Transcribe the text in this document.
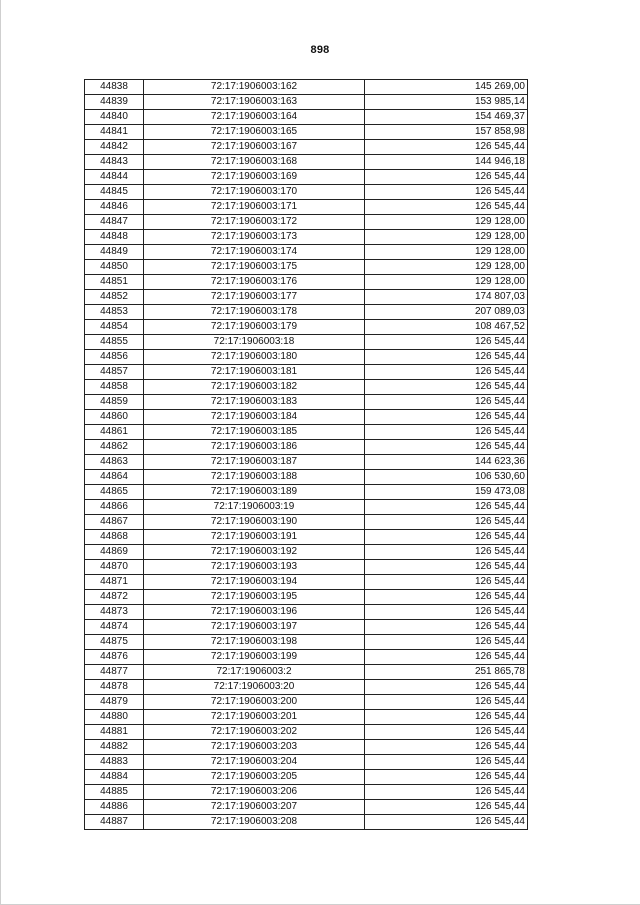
898
44838	72:17:1906003:162	145 269,00
44839	72:17:1906003:163	153 985,14
44840	72:17:1906003:164	154 469,37
44841	72:17:1906003:165	157 858,98
44842	72:17:1906003:167	126 545,44
44843	72:17:1906003:168	144 946,18
44844	72:17:1906003:169	126 545,44
44845	72:17:1906003:170	126 545,44
44846	72:17:1906003:171	126 545,44
44847	72:17:1906003:172	129 128,00
44848	72:17:1906003:173	129 128,00
44849	72:17:1906003:174	129 128,00
44850	72:17:1906003:175	129 128,00
44851	72:17:1906003:176	129 128,00
44852	72:17:1906003:177	174 807,03
44853	72:17:1906003:178	207 089,03
44854	72:17:1906003:179	108 467,52
44855	72:17:1906003:18	126 545,44
44856	72:17:1906003:180	126 545,44
44857	72:17:1906003:181	126 545,44
44858	72:17:1906003:182	126 545,44
44859	72:17:1906003:183	126 545,44
44860	72:17:1906003:184	126 545,44
44861	72:17:1906003:185	126 545,44
44862	72:17:1906003:186	126 545,44
44863	72:17:1906003:187	144 623,36
44864	72:17:1906003:188	106 530,60
44865	72:17:1906003:189	159 473,08
44866	72:17:1906003:19	126 545,44
44867	72:17:1906003:190	126 545,44
44868	72:17:1906003:191	126 545,44
44869	72:17:1906003:192	126 545,44
44870	72:17:1906003:193	126 545,44
44871	72:17:1906003:194	126 545,44
44872	72:17:1906003:195	126 545,44
44873	72:17:1906003:196	126 545,44
44874	72:17:1906003:197	126 545,44
44875	72:17:1906003:198	126 545,44
44876	72:17:1906003:199	126 545,44
44877	72:17:1906003:2	251 865,78
44878	72:17:1906003:20	126 545,44
44879	72:17:1906003:200	126 545,44
44880	72:17:1906003:201	126 545,44
44881	72:17:1906003:202	126 545,44
44882	72:17:1906003:203	126 545,44
44883	72:17:1906003:204	126 545,44
44884	72:17:1906003:205	126 545,44
44885	72:17:1906003:206	126 545,44
44886	72:17:1906003:207	126 545,44
44887	72:17:1906003:208	126 545,44
